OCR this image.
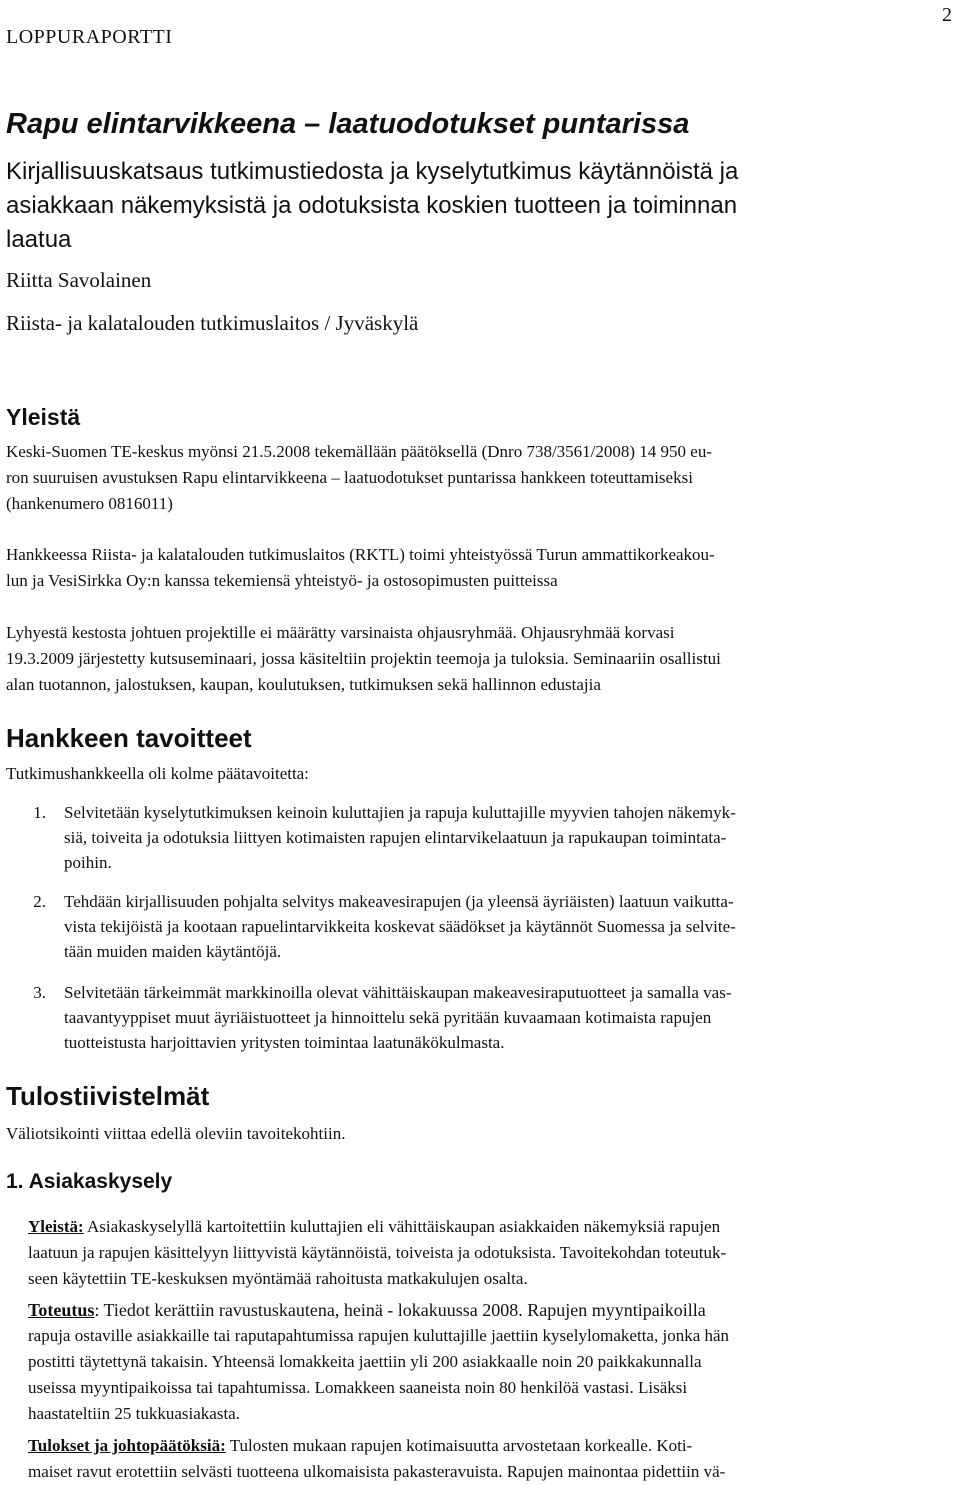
LOPPURAPORTTI
2
Rapu elintarvikkeena – laatuodotukset puntarissa
Kirjallisuuskatsaus tutkimustiedosta ja kyselytutkimus käytännöistä ja
asiakkaan näkemyksistä ja odotuksista koskien tuotteen ja toiminnan
laatua
Riitta Savolainen
Riista- ja kalatalouden tutkimuslaitos / Jyväskylä
Yleistä
Keski-Suomen TE-keskus myönsi 21.5.2008 tekemällään päätöksellä (Dnro 738/3561/2008) 14 950 eu-
ron suuruisen avustuksen Rapu elintarvikkeena – laatuodotukset puntarissa hankkeen toteuttamiseksi
(hankenumero 0816011)
Hankkeessa Riista- ja kalatalouden tutkimuslaitos (RKTL) toimi yhteistyössä Turun ammattikorkeakou-
lun ja VesiSirkka Oy:n kanssa tekemiensä yhteistyö- ja ostosopimusten puitteissa
Lyhyestä kestosta johtuen projektille ei määrätty varsinaista ohjausryhmää. Ohjausryhmää korvasi
19.3.2009 järjestetty kutsuseminaari, jossa käsiteltiin projektin teemoja ja tuloksia. Seminaariin osallistui
alan tuotannon, jalostuksen, kaupan, koulutuksen, tutkimuksen sekä hallinnon edustajia
Hankkeen tavoitteet
Tutkimushankkeella oli kolme päätavoitetta:
1. Selvitetään kyselytutkimuksen keinoin kuluttajien ja rapuja kuluttajille myyvien tahojen näkemyk-
siä, toiveita ja odotuksia liittyen kotimaisten rapujen elintarvikelaatuun ja rapukaupan toimintata-
poihin.
2. Tehdään kirjallisuuden pohjalta selvitys makeavesirapujen (ja yleensä äyriäisten) laatuun vaikutta-
vista tekijöistä ja kootaan rapuelintarvikkeita koskevat säädökset ja käytännöt Suomessa ja selvite-
tään muiden maiden käytäntöjä.
3. Selvitetään tärkeimmät markkinoilla olevat vähittäiskaupan makeavesiraputuotteet ja samalla vas-
taavantyyppiset muut äyriäistuotteet ja hinnoittelu sekä pyritään kuvaamaan kotimaista rapujen
tuotteistusta harjoittavien yritysten toimintaa laatunäkökulmasta.
Tulostiivistelmät
Väliotsikointi viittaa edellä oleviin tavoitekohtiin.
1. Asiakaskysely
Yleistä: Asiakaskyselyllä kartoitettiin kuluttajien eli vähittäiskaupan asiakkaiden näkemyksiä rapujen
laatuun ja rapujen käsittelyyn liittyvistä käytännöistä, toiveista ja odotuksista. Tavoitekohdan toteutuk-
seen käytettiin TE-keskuksen myöntämää rahoitusta matkakulujen osalta.
Toteutus: Tiedot kerättiin ravustuskautena, heinä - lokakuussa 2008. Rapujen myyntipaikoilla
rapuja ostaville asiakkaille tai raputapahtumissa rapujen kuluttajille jaettiin kyselylomaketta, jonka hän
postitti täytettynä takaisin. Yhteensä lomakkeita jaettiin yli 200 asiakkaalle noin 20 paikkakunnalla
useissa myyntipaikoissa tai tapahtumissa. Lomakkeen saaneista noin 80 henkilöä vastasi. Lisäksi
haastateltiin 25 tukkuasiakasta.
Tulokset ja johtopäätöksiä: Tulosten mukaan rapujen kotimaisuutta arvostetaan korkealle. Koti-
maiset ravut erotettiin selvästi tuotteena ulkomaisista pakasteravuista. Rapujen mainontaa pidettiin vä-
